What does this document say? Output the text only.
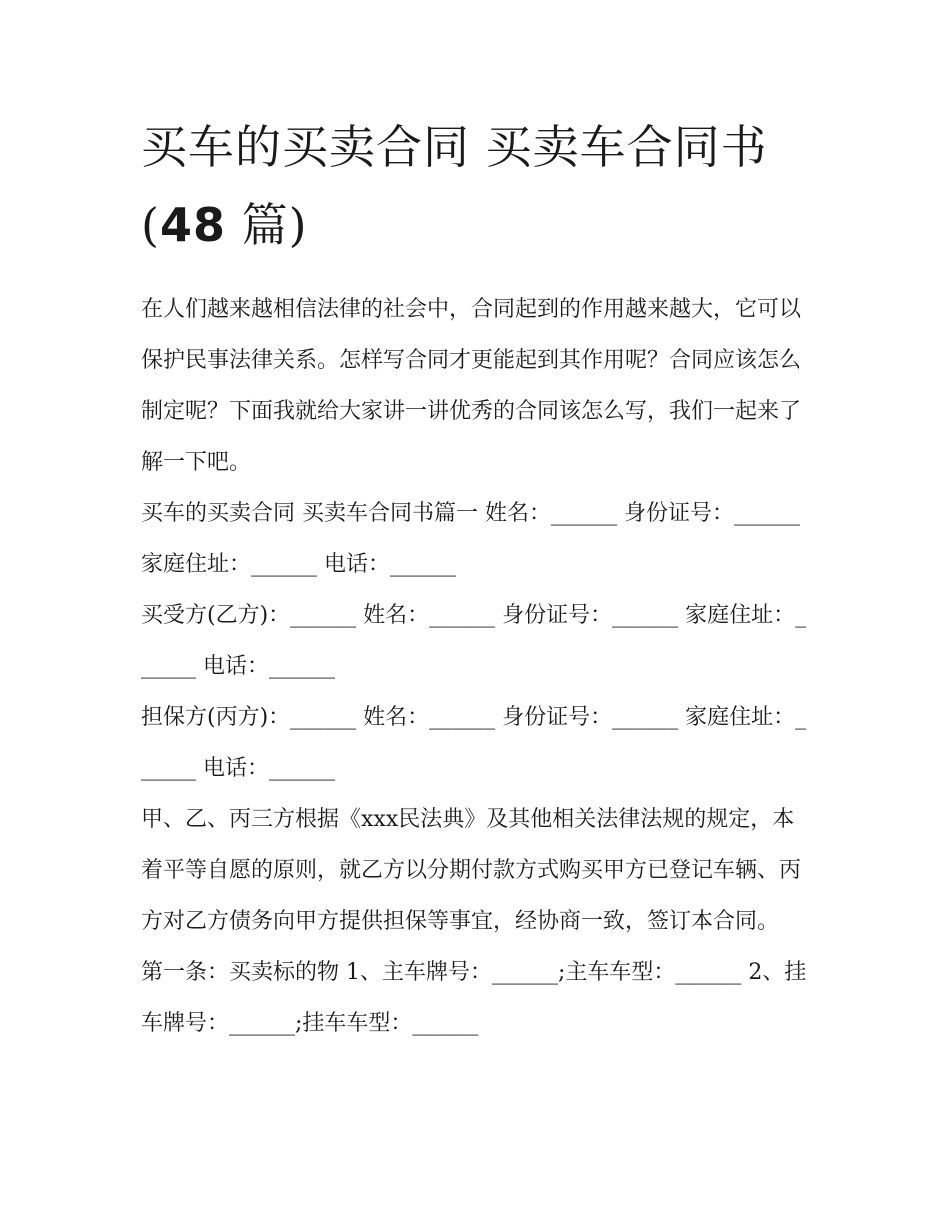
买车的买卖合同 买卖车合同书
(48 篇)

在人们越来越相信法律的社会中，合同起到的作用越来越大，它可以保护民事法律关系。怎样写合同才更能起到其作用呢？合同应该怎么制定呢？下面我就给大家讲一讲优秀的合同该怎么写，我们一起来了解一下吧。

买车的买卖合同 买卖车合同书篇一 姓名：______ 身份证号：______ 家庭住址：______ 电话：______

买受方(乙方)：______ 姓名：______ 身份证号：______ 家庭住址：______ 电话：______

担保方(丙方)：______ 姓名：______ 身份证号：______ 家庭住址：______ 电话：______

甲、乙、丙三方根据《xxx民法典》及其他相关法律法规的规定，本着平等自愿的原则，就乙方以分期付款方式购买甲方已登记车辆、丙方对乙方债务向甲方提供担保等事宜，经协商一致，签订本合同。

第一条：买卖标的物 1、主车牌号：______;主车车型：______ 2、挂车牌号：______;挂车车型：______
